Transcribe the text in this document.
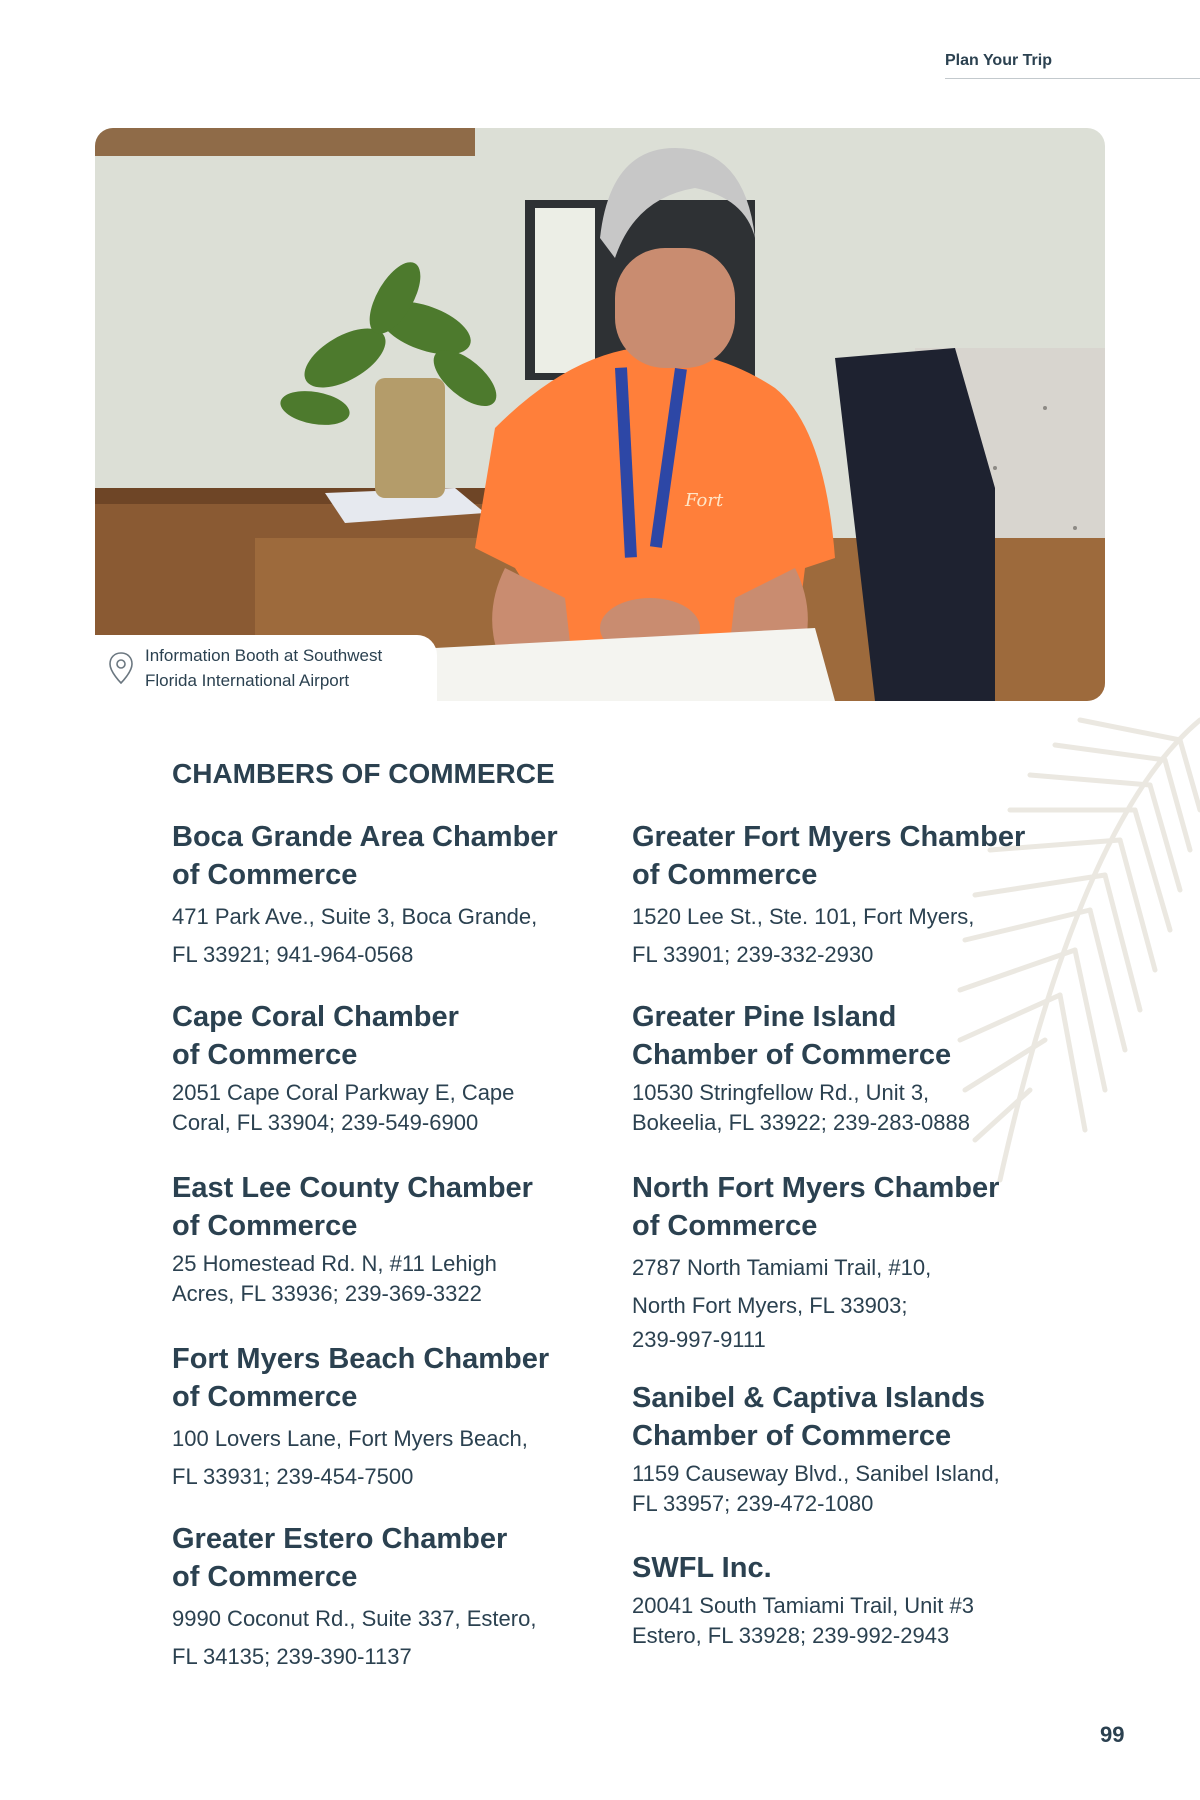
Plan Your Trip
Fort
Information Booth at Southwest
Florida International Airport
CHAMBERS OF COMMERCE
Boca Grande Area Chamber
of Commerce

471 Park Ave., Suite 3, Boca Grande,
FL 33921; 941-964-0568

Cape Coral Chamber
of Commerce

2051 Cape Coral Parkway E, Cape
Coral, FL 33904; 239-549-6900

East Lee County Chamber
of Commerce

25 Homestead Rd. N, #11 Lehigh
Acres, FL 33936; 239-369-3322

Fort Myers Beach Chamber
of Commerce

100 Lovers Lane, Fort Myers Beach,
FL 33931; 239-454-7500

Greater Estero Chamber
of Commerce

9990 Coconut Rd., Suite 337, Estero,
FL 34135; 239-390-1137

Greater Fort Myers Chamber
of Commerce

1520 Lee St., Ste. 101, Fort Myers,
FL 33901; 239-332-2930

Greater Pine Island
Chamber of Commerce

10530 Stringfellow Rd., Unit 3,
Bokeelia, FL 33922; 239-283-0888

North Fort Myers Chamber
of Commerce

2787 North Tamiami Trail, #10,
North Fort Myers, FL 33903;
239-997-9111

Sanibel & Captiva Islands
Chamber of Commerce

1159 Causeway Blvd., Sanibel Island,
FL 33957; 239-472-1080

SWFL Inc.

20041 South Tamiami Trail, Unit #3
Estero, FL 33928; 239-992-2943

99
